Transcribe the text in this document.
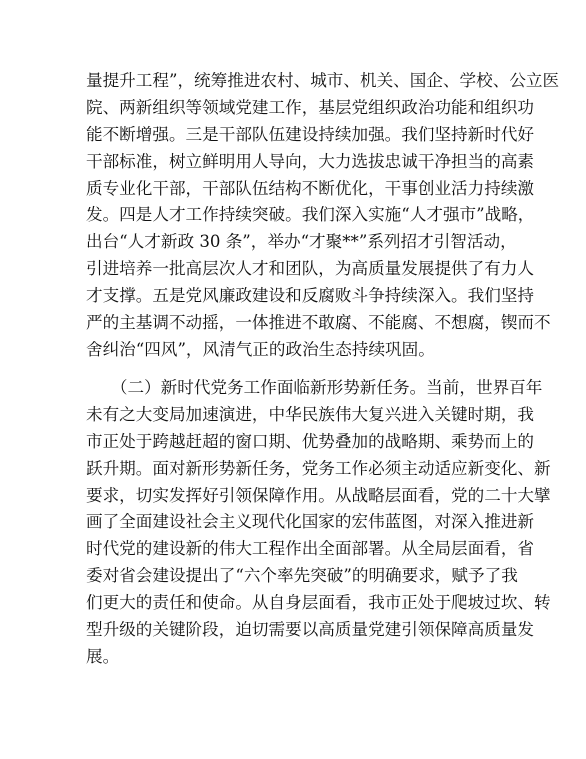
量提升工程”，统筹推进农村、城市、机关、国企、学校、公立医
院、两新组织等领域党建工作，基层党组织政治功能和组织功
能不断增强。三是干部队伍建设持续加强。我们坚持新时代好
干部标准，树立鲜明用人导向，大力选拔忠诚干净担当的高素
质专业化干部，干部队伍结构不断优化，干事创业活力持续激
发。四是人才工作持续突破。我们深入实施“人才强市”战略，
出台“人才新政 30 条”，举办“才聚**”系列招才引智活动，
引进培养一批高层次人才和团队，为高质量发展提供了有力人
才支撑。五是党风廉政建设和反腐败斗争持续深入。我们坚持
严的主基调不动摇，一体推进不敢腐、不能腐、不想腐，锲而不
舍纠治“四风”，风清气正的政治生态持续巩固。
　　（二）新时代党务工作面临新形势新任务。当前，世界百年
未有之大变局加速演进，中华民族伟大复兴进入关键时期，我
市正处于跨越赶超的窗口期、优势叠加的战略期、乘势而上的
跃升期。面对新形势新任务，党务工作必须主动适应新变化、新
要求，切实发挥好引领保障作用。从战略层面看，党的二十大擘
画了全面建设社会主义现代化国家的宏伟蓝图，对深入推进新
时代党的建设新的伟大工程作出全面部署。从全局层面看，省
委对省会建设提出了“六个率先突破”的明确要求，赋予了我
们更大的责任和使命。从自身层面看，我市正处于爬坡过坎、转
型升级的关键阶段，迫切需要以高质量党建引领保障高质量发
展。
